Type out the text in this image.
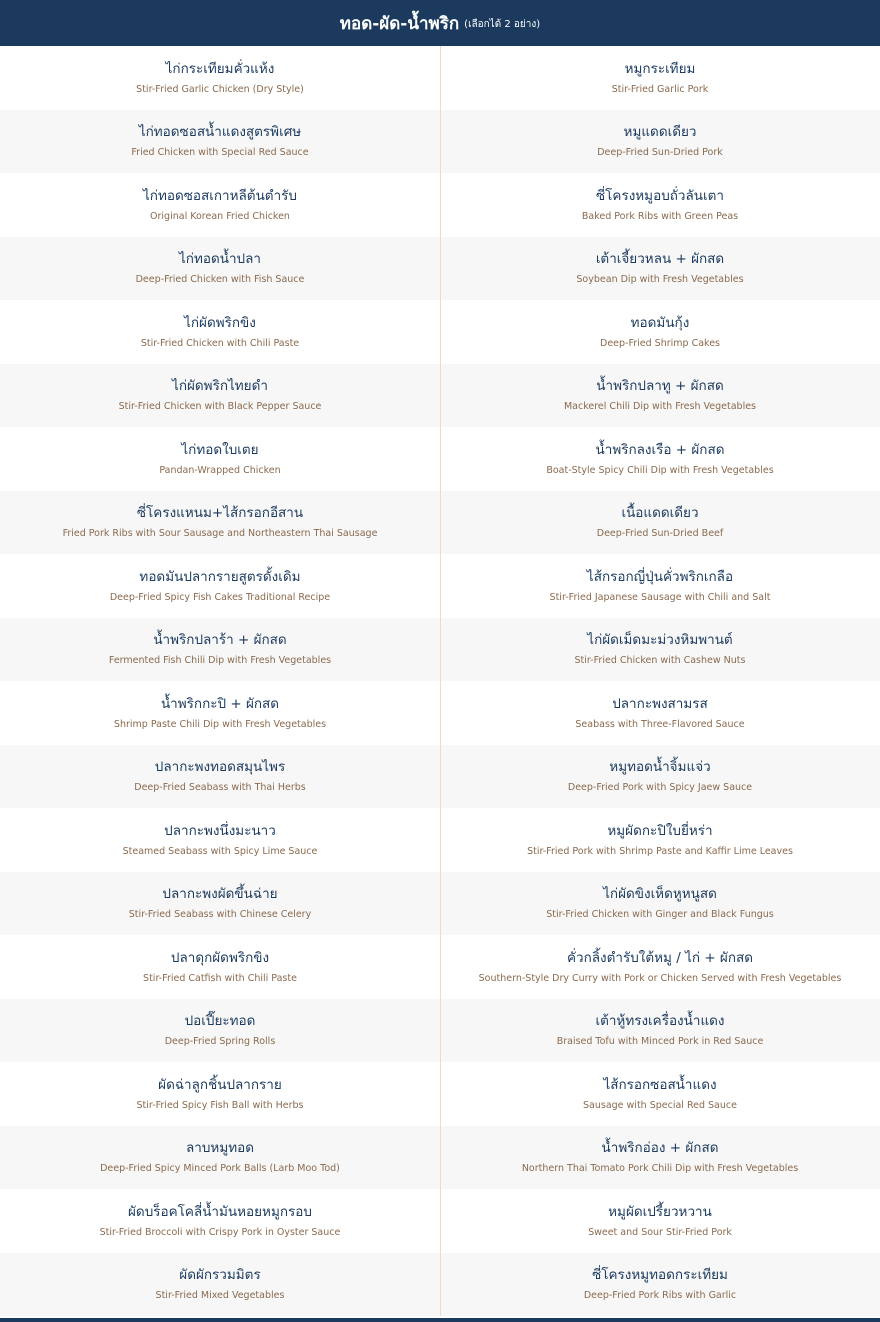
ทอด-ผัด-น้ำพริก (เลือกได้ 2 อย่าง)
ไก่กระเทียมคั่วแห้ง
Stir-Fried Garlic Chicken (Dry Style)
หมูกระเทียม
Stir-Fried Garlic Pork
ไก่ทอดซอสน้ำแดงสูตรพิเศษ
Fried Chicken with Special Red Sauce
หมูแดดเดียว
Deep-Fried Sun-Dried Pork
ไก่ทอดซอสเกาหลีต้นตำรับ
Original Korean Fried Chicken
ซี่โครงหมูอบถั่วลันเตา
Baked Pork Ribs with Green Peas
ไก่ทอดน้ำปลา
Deep-Fried Chicken with Fish Sauce
เต้าเจี้ยวหลน + ผักสด
Soybean Dip with Fresh Vegetables
ไก่ผัดพริกขิง
Stir-Fried Chicken with Chili Paste
ทอดมันกุ้ง
Deep-Fried Shrimp Cakes
ไก่ผัดพริกไทยดำ
Stir-Fried Chicken with Black Pepper Sauce
น้ำพริกปลาทู + ผักสด
Mackerel Chili Dip with Fresh Vegetables
ไก่ทอดใบเตย
Pandan-Wrapped Chicken
น้ำพริกลงเรือ + ผักสด
Boat-Style Spicy Chili Dip with Fresh Vegetables
ซี่โครงแหนม+ไส้กรอกอีสาน
Fried Pork Ribs with Sour Sausage and Northeastern Thai Sausage
เนื้อแดดเดียว
Deep-Fried Sun-Dried Beef
ทอดมันปลากรายสูตรดั้งเดิม
Deep-Fried Spicy Fish Cakes Traditional Recipe
ไส้กรอกญี่ปุ่นคั่วพริกเกลือ
Stir-Fried Japanese Sausage with Chili and Salt
น้ำพริกปลาร้า + ผักสด
Fermented Fish Chili Dip with Fresh Vegetables
ไก่ผัดเม็ดมะม่วงหิมพานต์
Stir-Fried Chicken with Cashew Nuts
น้ำพริกกะปิ + ผักสด
Shrimp Paste Chili Dip with Fresh Vegetables
ปลากะพงสามรส
Seabass with Three-Flavored Sauce
ปลากะพงทอดสมุนไพร
Deep-Fried Seabass with Thai Herbs
หมูทอดน้ำจิ้มแจ่ว
Deep-Fried Pork with Spicy Jaew Sauce
ปลากะพงนึ่งมะนาว
Steamed Seabass with Spicy Lime Sauce
หมูผัดกะปิใบยี่หร่า
Stir-Fried Pork with Shrimp Paste and Kaffir Lime Leaves
ปลากะพงผัดขึ้นฉ่าย
Stir-Fried Seabass with Chinese Celery
ไก่ผัดขิงเห็ดหูหนูสด
Stir-Fried Chicken with Ginger and Black Fungus
ปลาดุกผัดพริกขิง
Stir-Fried Catfish with Chili Paste
คั่วกลิ้งตำรับใต้หมู / ไก่ + ผักสด
Southern-Style Dry Curry with Pork or Chicken Served with Fresh Vegetables
ปอเปี๊ยะทอด
Deep-Fried Spring Rolls
เต้าหู้ทรงเครื่องน้ำแดง
Braised Tofu with Minced Pork in Red Sauce
ผัดฉ่าลูกชิ้นปลากราย
Stir-Fried Spicy Fish Ball with Herbs
ไส้กรอกซอสน้ำแดง
Sausage with Special Red Sauce
ลาบหมูทอด
Deep-Fried Spicy Minced Pork Balls (Larb Moo Tod)
น้ำพริกอ่อง + ผักสด
Northern Thai Tomato Pork Chili Dip with Fresh Vegetables
ผัดบร็อคโคลี่น้ำมันหอยหมูกรอบ
Stir-Fried Broccoli with Crispy Pork in Oyster Sauce
หมูผัดเปรี้ยวหวาน
Sweet and Sour Stir-Fried Pork
ผัดผักรวมมิตร
Stir-Fried Mixed Vegetables
ซี่โครงหมูทอดกระเทียม
Deep-Fried Pork Ribs with Garlic
